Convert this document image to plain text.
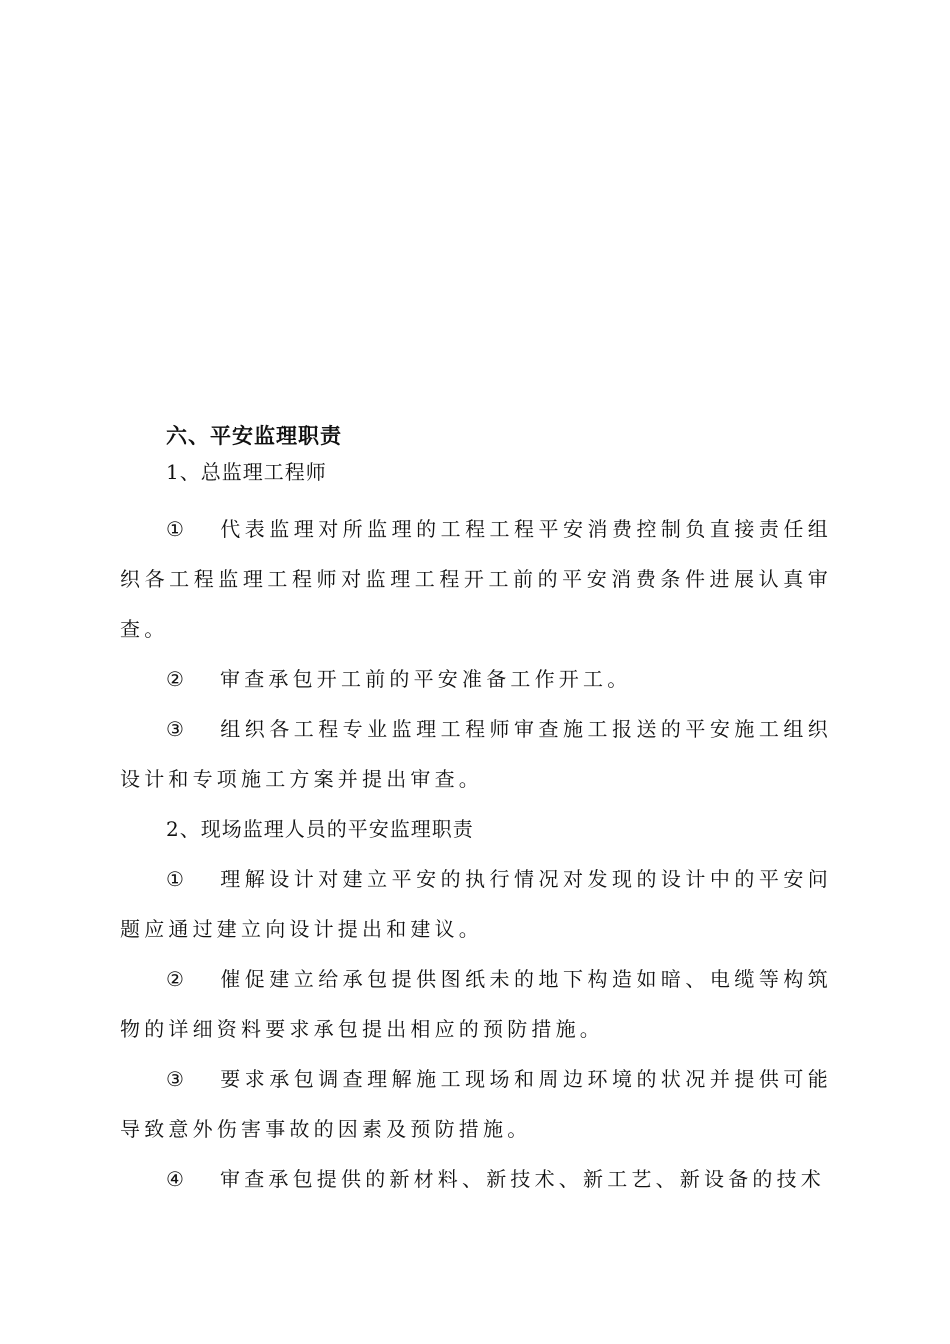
六、平安监理职责

1、总监理工程师

① 代表监理对所监理的工程工程平安消费控制负直接责任组织各工程监理工程师对监理工程开工前的平安消费条件进展认真审查。

② 审查承包开工前的平安准备工作开工。

③ 组织各工程专业监理工程师审查施工报送的平安施工组织设计和专项施工方案并提出审查。

2、现场监理人员的平安监理职责

① 理解设计对建立平安的执行情况对发现的设计中的平安问题应通过建立向设计提出和建议。

② 催促建立给承包提供图纸未的地下构造如暗、电缆等构筑物的详细资料要求承包提出相应的预防措施。

③ 要求承包调查理解施工现场和周边环境的状况并提供可能导致意外伤害事故的因素及预防措施。

④ 审查承包提供的新材料、新技术、新工艺、新设备的技术
